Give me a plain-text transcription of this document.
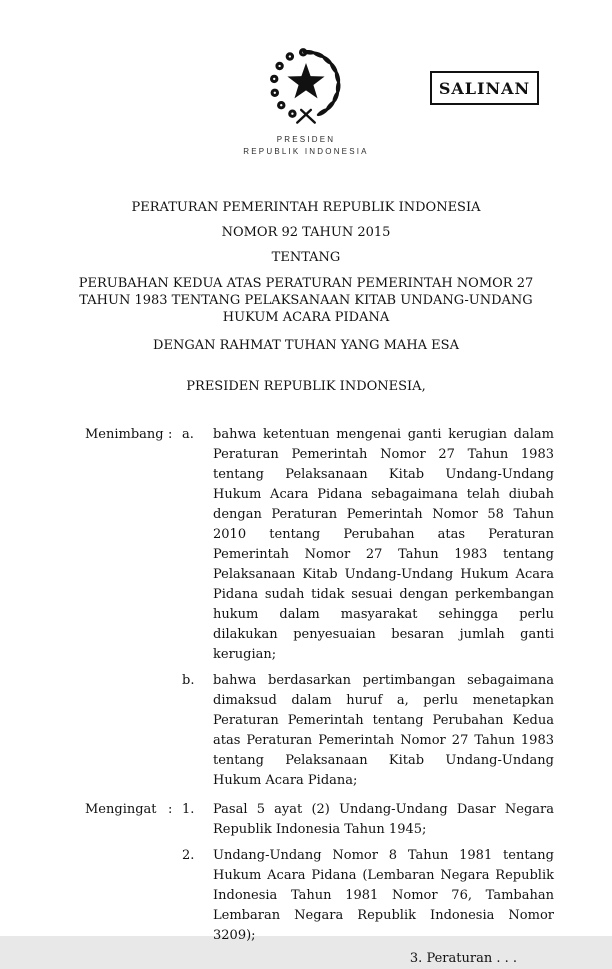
SALINAN
PRESIDEN
REPUBLIK INDONESIA
PERATURAN PEMERINTAH REPUBLIK INDONESIA
NOMOR 92 TAHUN 2015
TENTANG
PERUBAHAN KEDUA ATAS PERATURAN PEMERINTAH NOMOR 27 TAHUN 1983 TENTANG PELAKSANAAN KITAB UNDANG-UNDANG HUKUM ACARA PIDANA
DENGAN RAHMAT TUHAN YANG MAHA ESA
PRESIDEN REPUBLIK INDONESIA,
Menimbang : a.	bahwa ketentuan mengenai ganti kerugian dalam Peraturan Pemerintah Nomor 27 Tahun 1983 tentang Pelaksanaan Kitab Undang-Undang Hukum Acara Pidana sebagaimana telah diubah dengan Peraturan Pemerintah Nomor 58 Tahun 2010 tentang Perubahan atas Peraturan Pemerintah Nomor 27 Tahun 1983 tentang Pelaksanaan Kitab Undang-Undang Hukum Acara Pidana sudah tidak sesuai dengan perkembangan hukum dalam masyarakat sehingga perlu dilakukan penyesuaian besaran jumlah ganti kerugian;
b.	bahwa berdasarkan pertimbangan sebagaimana dimaksud dalam huruf a, perlu menetapkan Peraturan Pemerintah tentang Perubahan Kedua atas Peraturan Pemerintah Nomor 27 Tahun 1983 tentang Pelaksanaan Kitab Undang-Undang Hukum Acara Pidana;
Mengingat : 1.	Pasal 5 ayat (2) Undang-Undang Dasar Negara Republik Indonesia Tahun 1945;
2.	Undang-Undang Nomor 8 Tahun 1981 tentang Hukum Acara Pidana (Lembaran Negara Republik Indonesia Tahun 1981 Nomor 76, Tambahan Lembaran Negara Republik Indonesia Nomor 3209);
3. Peraturan . . .
